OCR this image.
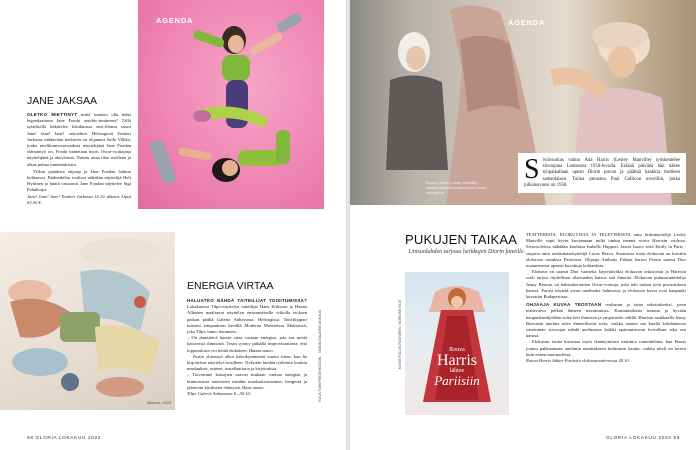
AGENDA
JANE JAKSAA

OLETKO MIETTINYT miltä tuntuisi olla hetki legendaarinen Jane Fonda aerobic-tuntineen? Tällä sytärikellä leikittelee lokakuussa ensi-illansa saava Jane! Jane! Jane! -näytelmä. Helsingissä Teatteri Jurkassa nähtävään teokseen on ohjannut Salla Vilkka, jonka mielikiinnostavuuksia näyttelijänä Jane Fondan elämäntyö on. Fonda tunnetaan myös Oscar-voittajana näyttelijänä ja aktivistina. Naisen ottaa tilan itselleen ja alkaa puhua tuntemuksista.

Viikan ajatuksia ohjaaja ja Jane Fondan hahmo kohtaavat. Päähenkilön roolissa nähdään näyttelijä Heli Hyttinen ja häntä vastaavat Jane Fondan näyttelee Sigi Paltakorpi.

Jane! Jane! Jane! Teatteri Jurkassa 14.10. alkaen. Liput 63,50 €.

Mamoli, 2022
ENERGIA VIRTAA

HALUATKO NÄHDÄ TAITEILIJAT TOISITUMISSA? Lokakuussa Tilpo-näyttelyn taiteilijat Hans Eriksson ja Hanna Alhonen maalaavat näyttelyn ensimmäiselle viikolla teoksen paikan päällä Galerie Anhavassa, Helsingissä. Taiteilijapari tutustui tempauksen kevällä Moderna Museetissa Malmössä, joka Tilpo sanoo huomeen.

– On jännittävä haaste ottaa vastaan energiaa, jota saa meitä katsovista ihmisistä. Tosin syntyy pitkällä improvisaationa, että lopputulosta voi tietää etukäteen, Hanna sanoo.

Pariin yhteistyö alkoi kaksikymmentä vuotta sitten, kun he kirjoittivat näyttelyä toisilleen. Nykyään heidän työhönsä kuuluu maalaukset, esineet, installaatioita ja kirjoituksia.

– Toivomme katsojien saavan mukaan vanhaa energiaa ja kiinnostusta taiteeseen meidän maalauksissamme, hengestä ja jäänevän käsikseen elämystä, Hans sanoo.

Tilpo Galerie Anhavassa 6.–30.10.	KUVA TOM FREDRIKSSON · SIMON/GALERIE ANHAVA
58 GLORIA LOKAKUU 2022
AGENDA
Rouva Harris (Lesley Manville) ihailee kaunista pukua joutuu Diorin salongissa.

Siviävuotias vaimo Ada Harris (Lesley Manville) työskentelee siivoojana Lontoossa 1950-luvulla. Eräänä päivänä hän näkee työpaikallaan upean Diorin puvun ja päättää hankkia itselleen samanlaisen. Tarina perustuu Paul Gallicon novelliin, jonka julkaisuvuosi on 1958.

PUKUJEN TAIKAA
Unisuolahden tarjoaa herkkujen Diorin faneille.
Rouva
Harris
lähtee
Pariisiin
KUVAT FOCUS FEATURES / NORDISK FILM

TEATTERISTA, ELOKUVISTA JA TELEVISIOSTA tuttu brittinäyttelijä Lesley Manville sopii hyvin kuvaamaan miltä tuntuu mennä rouva Harrisin roolissa. Sivurooleissa nähdään kuuluisa Isabelle Huppert, Jason Isaacs sekä Emily in Paris -sarjasta tuttu ranskalaisnäyttelijä Lucas Bravo. Suomessa tuotu elokuvan on kuvattu elokuvan osuuksia Pariisissa. Ohjaaja Anthony Fabian kertoo Peoria saanut Dior tuotantoonsa upeasti kuvattuja kohtauksia.

Elokuva on saanut Dior vaatteita käytettäväksi elokuvan arkistoista ja Harrisin rooli tarjosi täydellisen tilaisuuden katsoa sitä ihmettä. Elokuvan pukusuunnittelija Jenny Beavan on kaksinkertainen Oscar-voittaja, joka teki tarkan työn puvustuksen kanssa. Pariisi näyttää aivan unelmalta hahmossa ja elokuvan kuvat ovat kaupunki kuvattiin Budapestissa.

OHJAAJA KUVAA TEOSTAAN realismin ja taian sekoitukseksi, joten teatteriteos pelkää ihmeen toteutumista. Kansantaikasta tuttuun ja hyvään kaupunkimiljööhän tulee heti ihmisten ja ympäristön välillä. Harrisin asukkaalla Jenny Beavanin unelma tulee ihmeellisesti totta, vaikka nainen saa kuulla kohdattaessa vasemman siivoojan nähdä unelmansa kaikki epäonnistuvan kerrallaan aika sen kanssa.

Elokuvan tarina kuvastaa myös ikääntymisen vaatimia suunnitelmia, kun Harris joutuu pakkaamaan unelmiin nauttiakseen kulttuurin kautta, vaikka mieli on terävä kuin ennen nuoruudessa.

Rouva Harris lähtee Pariisiin elokuvateattereissa 28.10.

GLORIA LOKAKUU 2022 59
